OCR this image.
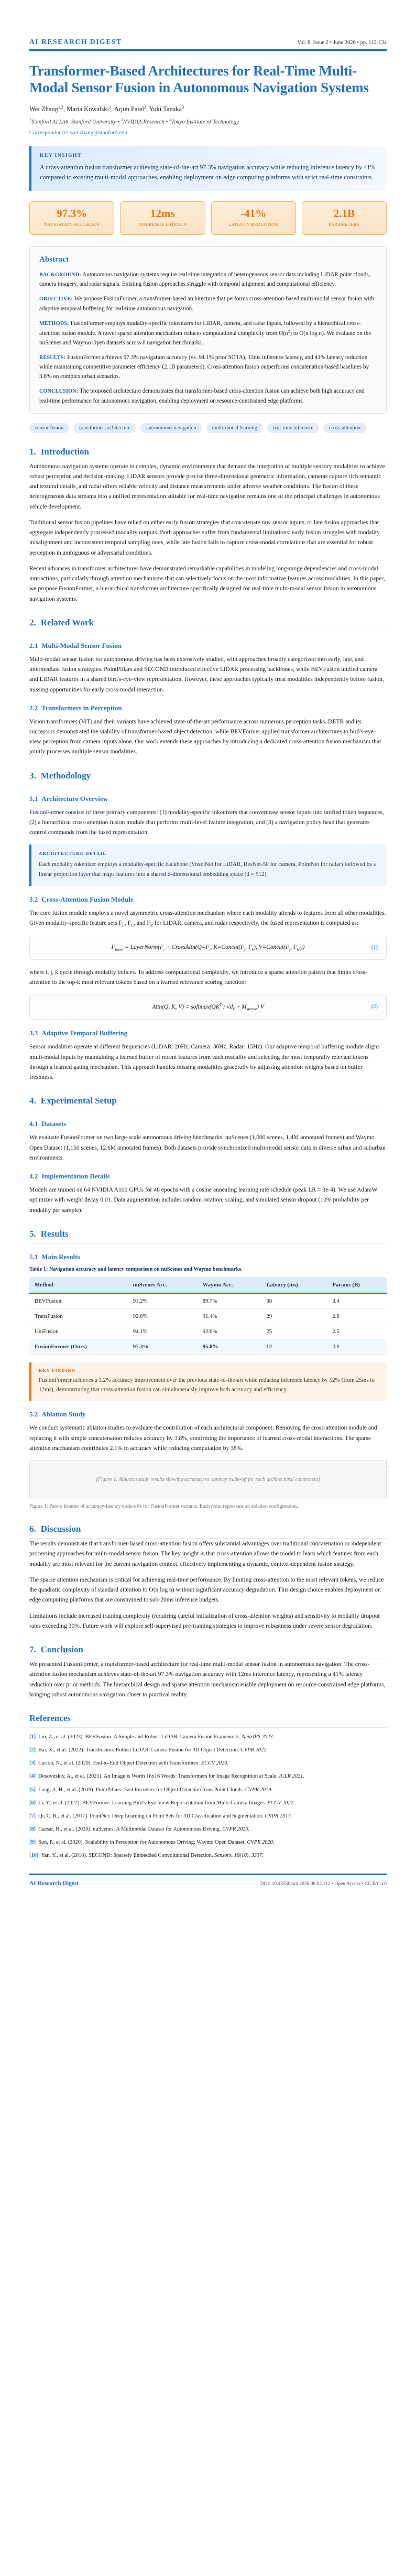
AI RESEARCH DIGEST	Vol. 8, Issue 2 • June 2026 • pp. 112-134
Transformer-Based Architectures for Real-Time Multi-Modal Sensor Fusion in Autonomous Navigation Systems
Wei Zhang$^{1,2}$, Maria Kowalski$^1$, Arjun Patel$^2$, Yuki Tanaka$^3$
$^1$Stanford AI Lab, Stanford University • $^2$NVIDIA Research • $^3$Tokyo Institute of Technology
Correspondence: wei.zhang@stanford.edu
KEY INSIGHT
A cross-attention fusion transformer achieving state-of-the-art 97.3% navigation accuracy while reducing inference latency by 41% compared to existing multi-modal approaches, enabling deployment on edge computing platforms with strict real-time constraints.
97.3%
NAVIGATION ACCURACY
12ms
INFERENCE LATENCY
-41%
LATENCY REDUCTION
2.1B
PARAMETERS
Abstract

BACKGROUND: Autonomous navigation systems require real-time integration of heterogeneous sensor data including LiDAR point clouds, camera imagery, and radar signals. Existing fusion approaches struggle with temporal alignment and computational efficiency.

OBJECTIVE: We propose FusionFormer, a transformer-based architecture that performs cross-attention-based multi-modal sensor fusion with adaptive temporal buffering for real-time autonomous navigation.

METHODS: FusionFormer employs modality-specific tokenizers for LiDAR, camera, and radar inputs, followed by a hierarchical cross-attention fusion module. A novel sparse attention mechanism reduces computational complexity from $O(n^2)$ to O(n log n). We evaluate on the nuScenes and Waymo Open datasets across 8 navigation benchmarks.

RESULTS: FusionFormer achieves 97.3% navigation accuracy (vs. 94.1% prior SOTA), 12ms inference latency, and 41% latency reduction while maintaining competitive parameter efficiency (2.1B parameters). Cross-attention fusion outperforms concatenation-based baselines by 3.8% on complex urban scenarios.

CONCLUSION: The proposed architecture demonstrates that transformer-based cross-attention fusion can achieve both high accuracy and real-time performance for autonomous navigation, enabling deployment on resource-constrained edge platforms.

sensor fusion	transformer architecture	autonomous navigation	multi-modal learning	real-time inference	cross-attention
1. Introduction

Autonomous navigation systems operate in complex, dynamic environments that demand the integration of multiple sensory modalities to achieve robust perception and decision-making. LiDAR sensors provide precise three-dimensional geometric information, cameras capture rich semantic and textural details, and radar offers reliable velocity and distance measurements under adverse weather conditions. The fusion of these heterogeneous data streams into a unified representation suitable for real-time navigation remains one of the principal challenges in autonomous vehicle development.

Traditional sensor fusion pipelines have relied on either early fusion strategies that concatenate raw sensor inputs, or late fusion approaches that aggregate independently processed modality outputs. Both approaches suffer from fundamental limitations: early fusion struggles with modality misalignment and inconsistent temporal sampling rates, while late fusion fails to capture cross-modal correlations that are essential for robust perception in ambiguous or adversarial conditions.

Recent advances in transformer architectures have demonstrated remarkable capabilities in modeling long-range dependencies and cross-modal interactions, particularly through attention mechanisms that can selectively focus on the most informative features across modalities. In this paper, we propose FusionFormer, a hierarchical transformer architecture specifically designed for real-time multi-modal sensor fusion in autonomous navigation systems.

2. Related Work
2.1 Multi-Modal Sensor Fusion

Multi-modal sensor fusion for autonomous driving has been extensively studied, with approaches broadly categorized into early, late, and intermediate fusion strategies. PointPillars and SECOND introduced effective LiDAR processing backbones, while BEVFusion unified camera and LiDAR features in a shared bird's-eye-view representation. However, these approaches typically treat modalities independently before fusion, missing opportunities for early cross-modal interaction.

2.2 Transformers in Perception

Vision transformers (ViT) and their variants have achieved state-of-the-art performance across numerous perception tasks. DETR and its successors demonstrated the viability of transformer-based object detection, while BEVFormer applied transformer architectures to bird's-eye-view perception from camera inputs alone. Our work extends these approaches by introducing a dedicated cross-attention fusion mechanism that jointly processes multiple sensor modalities.

3. Methodology
3.1 Architecture Overview

FusionFormer consists of three primary components: (1) modality-specific tokenizers that convert raw sensor inputs into unified token sequences, (2) a hierarchical cross-attention fusion module that performs multi-level feature integration, and (3) a navigation policy head that generates control commands from the fused representation.

ARCHITECTURE DETAIL
Each modality tokenizer employs a modality-specific backbone (VoxelNet for LiDAR, ResNet-50 for camera, PointNet for radar) followed by a linear projection layer that maps features into a shared d-dimensional embedding space (d = 512).
3.2 Cross-Attention Fusion Module

The core fusion module employs a novel asymmetric cross-attention mechanism where each modality attends to features from all other modalities. Given modality-specific feature sets $F_L$, $F_C$, and $F_R$ for LiDAR, camera, and radar respectively, the fused representation is computed as:

$F_{fused}$ = $LayerNorm(F_i$ + $CrossAttn(Q=F_i$, $K=Concat(F_j$, $F_k$), $V=Concat(F_j$, $F_k$)))	(1)

where i, j, k cycle through modality indices. To address computational complexity, we introduce a sparse attention pattern that limits cross-attention to the top-k most relevant tokens based on a learned relevance scoring function:

Attn(Q, K, $V) = softmax(QK^T / √d_k + M_{sparse})$ V	(2)
3.3 Adaptive Temporal Buffering

Sensor modalities operate at different frequencies (LiDAR: 20Hz, Camera: 30Hz, Radar: 15Hz). Our adaptive temporal buffering module aligns multi-modal inputs by maintaining a learned buffer of recent features from each modality and selecting the most temporally relevant tokens through a learned gating mechanism. This approach handles missing modalities gracefully by adjusting attention weights based on buffer freshness.

4. Experimental Setup
4.1 Datasets

We evaluate FusionFormer on two large-scale autonomous driving benchmarks: nuScenes (1,000 scenes, 1.4M annotated frames) and Waymo Open Dataset (1,150 scenes, 12.6M annotated frames). Both datasets provide synchronized multi-modal sensor data in diverse urban and suburban environments.

4.2 Implementation Details

Models are trained on 64 NVIDIA A100 GPUs for 48 epochs with a cosine annealing learning rate schedule (peak LR = 3e-4). We use AdamW optimizer with weight decay 0.01. Data augmentation includes random rotation, scaling, and simulated sensor dropout (10% probability per modality per sample).

5. Results
5.1 Main Results
Table 1: Navigation accuracy and latency comparison on nuScenes and Waymo benchmarks.
Method	nuScenes Acc.	Waymo Acc.	Latency (ms)	Params (B)
BEVFusion	91.2%	89.7%	38	3.4
TransFusion	92.8%	91.4%	29	2.8
UniFusion	94.1%	92.6%	25	2.5
FusionFormer (Ours)	97.3%	95.8%	12	2.1
KEY FINDING
FusionFormer achieves a 3.2% accuracy improvement over the previous state-of-the-art while reducing inference latency by 52% (from 25ms to 12ms), demonstrating that cross-attention fusion can simultaneously improve both accuracy and efficiency.
5.2 Ablation Study

We conduct systematic ablation studies to evaluate the contribution of each architectural component. Removing the cross-attention module and replacing it with simple concatenation reduces accuracy by 3.8%, confirming the importance of learned cross-modal interactions. The sparse attention mechanism contributes 2.1% to accuracy while reducing computation by 38%.

[Figure 1: Ablation study results showing accuracy vs. latency trade-off for each architectural component]

Figure 1: Pareto frontier of accuracy-latency trade-offs for FusionFormer variants. Each point represents an ablation configuration.

6. Discussion

The results demonstrate that transformer-based cross-attention fusion offers substantial advantages over traditional concatenation or independent processing approaches for multi-modal sensor fusion. The key insight is that cross-attention allows the model to learn which features from each modality are most relevant for the current navigation context, effectively implementing a dynamic, context-dependent fusion strategy.

The sparse attention mechanism is critical for achieving real-time performance. By limiting cross-attention to the most relevant tokens, we reduce the quadratic complexity of standard attention to O(n log n) without significant accuracy degradation. This design choice enables deployment on edge computing platforms that are constrained to sub-20ms inference budgets.

Limitations include increased training complexity (requiring careful initialization of cross-attention weights) and sensitivity to modality dropout rates exceeding 30%. Future work will explore self-supervised pre-training strategies to improve robustness under severe sensor degradation.

7. Conclusion

We presented FusionFormer, a transformer-based architecture for real-time multi-modal sensor fusion in autonomous navigation. The cross-attention fusion mechanism achieves state-of-the-art 97.3% navigation accuracy with 12ms inference latency, representing a 41% latency reduction over prior methods. The hierarchical design and sparse attention mechanism enable deployment on resource-constrained edge platforms, bringing robust autonomous navigation closer to practical reality.

References
[1] Liu, Z., et al. (2023). BEVFusion: A Simple and Robust LiDAR-Camera Fusion Framework. NeurIPS 2023.
[2] Bai, X., et al. (2022). TransFusion: Robust LiDAR-Camera Fusion for 3D Object Detection. CVPR 2022.
[3] Carion, N., et al. (2020). End-to-End Object Detection with Transformers. ECCV 2020.
[4] Dosovitskiy, A., et al. (2021). An Image is Worth 16x16 Words: Transformers for Image Recognition at Scale. ICLR 2021.
[5] Lang, A. H., et al. (2019). PointPillars: Fast Encoders for Object Detection from Point Clouds. CVPR 2019.
[6] Li, Y., et al. (2022). BEVFormer: Learning Bird's-Eye-View Representation from Multi-Camera Images. ECCV 2022.
[7] Qi, C. R., et al. (2017). PointNet: Deep Learning on Point Sets for 3D Classification and Segmentation. CVPR 2017.
[8] Caesar, H., et al. (2020). nuScenes: A Multimodal Dataset for Autonomous Driving. CVPR 2020.
[9] Sun, P., et al. (2020). Scalability in Perception for Autonomous Driving: Waymo Open Dataset. CVPR 2020.
[10] Yan, Y., et al. (2018). SECOND: Sparsely Embedded Convolutional Detection. Sensors, 18(10), 3337.
AI Research Digest	DOI: 10.48550/ard.2026.08.02.112 • Open Access • CC BY 4.0
